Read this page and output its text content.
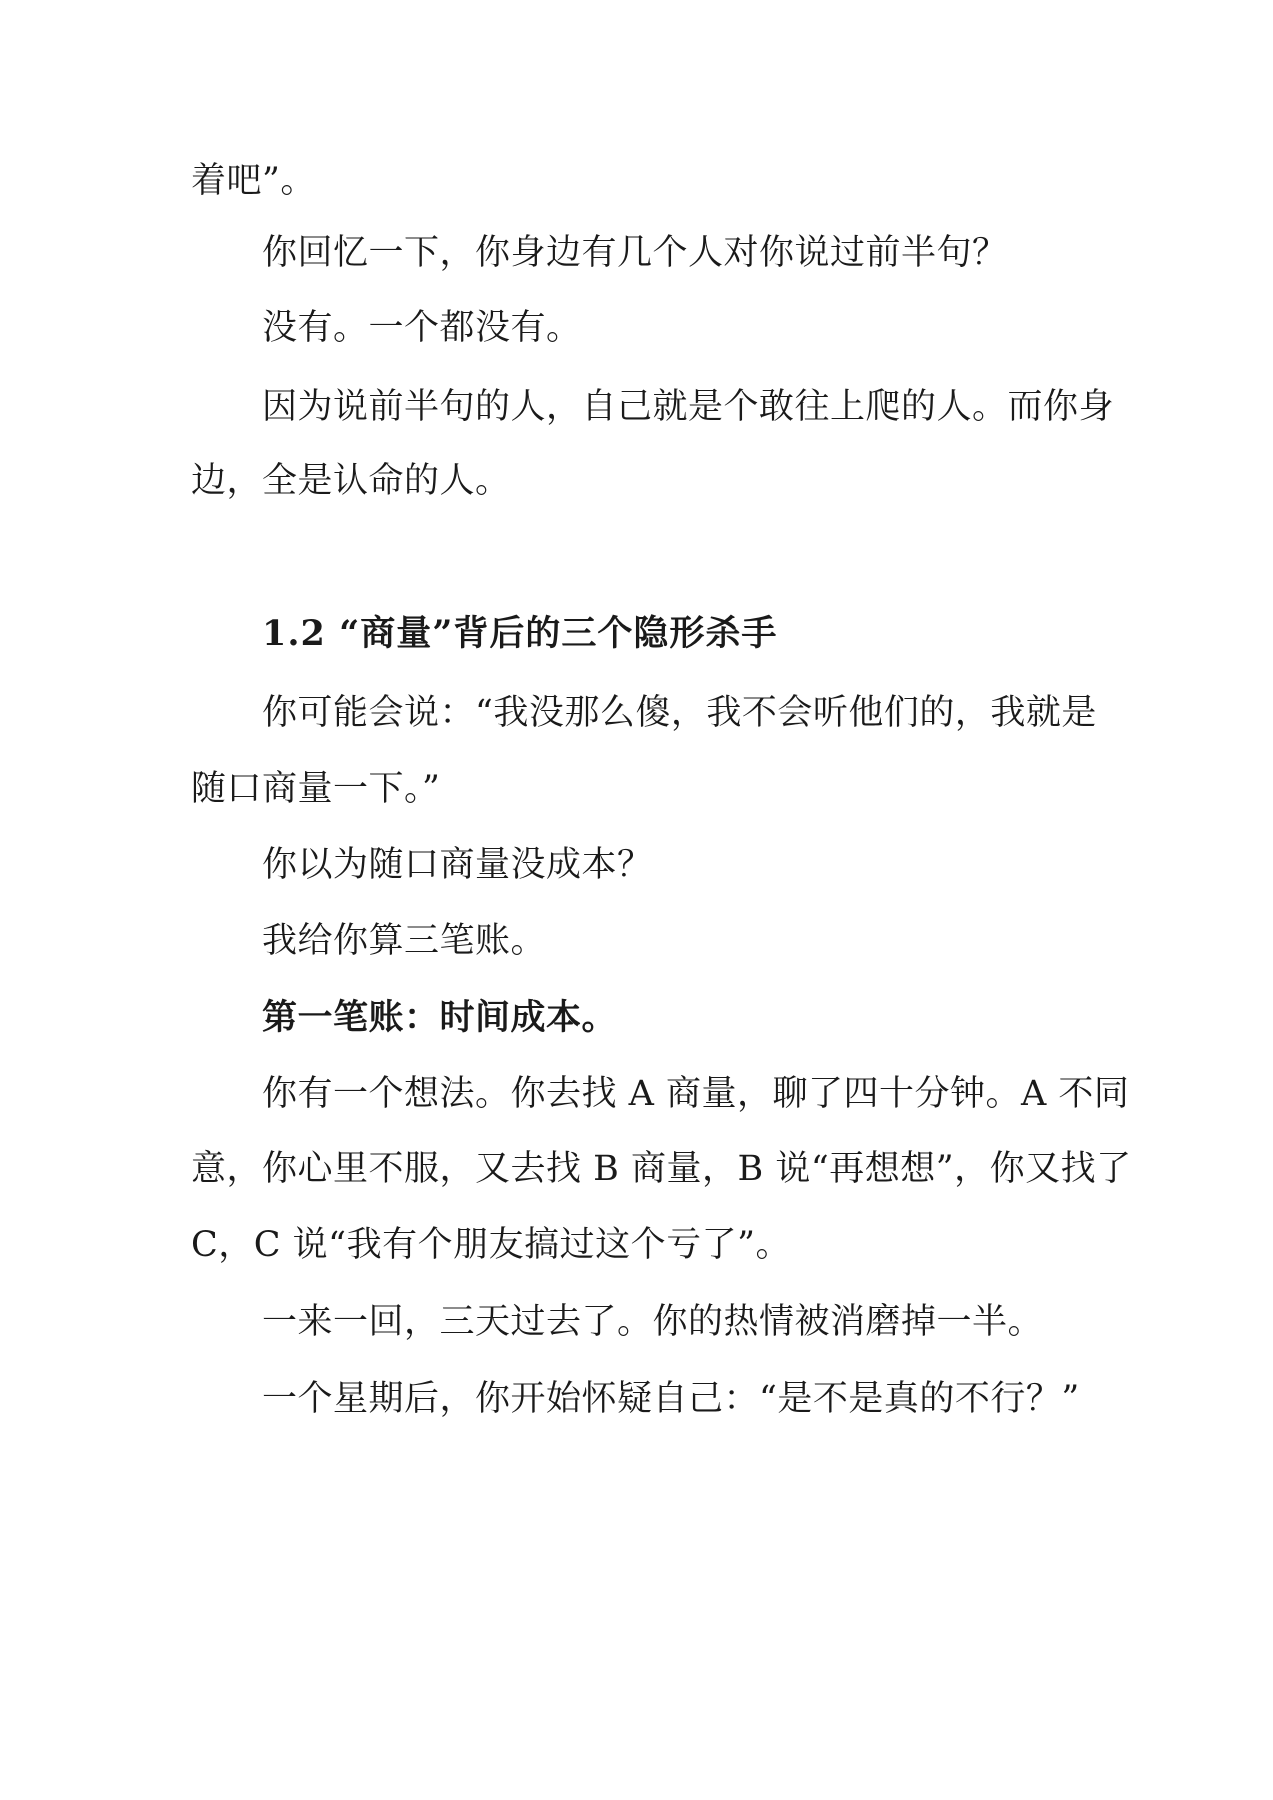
着吧”。
你回忆一下，你身边有几个人对你说过前半句？
没有。一个都没有。
因为说前半句的人，自己就是个敢往上爬的人。而你身
边，全是认命的人。
1.2 “商量”背后的三个隐形杀手
你可能会说：“我没那么傻，我不会听他们的，我就是
随口商量一下。”
你以为随口商量没成本？
我给你算三笔账。
第一笔账：时间成本。
你有一个想法。你去找 A 商量，聊了四十分钟。A 不同
意，你心里不服，又去找 B 商量，B 说“再想想”，你又找了
C，C 说“我有个朋友搞过这个亏了”。
一来一回，三天过去了。你的热情被消磨掉一半。
一个星期后，你开始怀疑自己：“是不是真的不行？”
